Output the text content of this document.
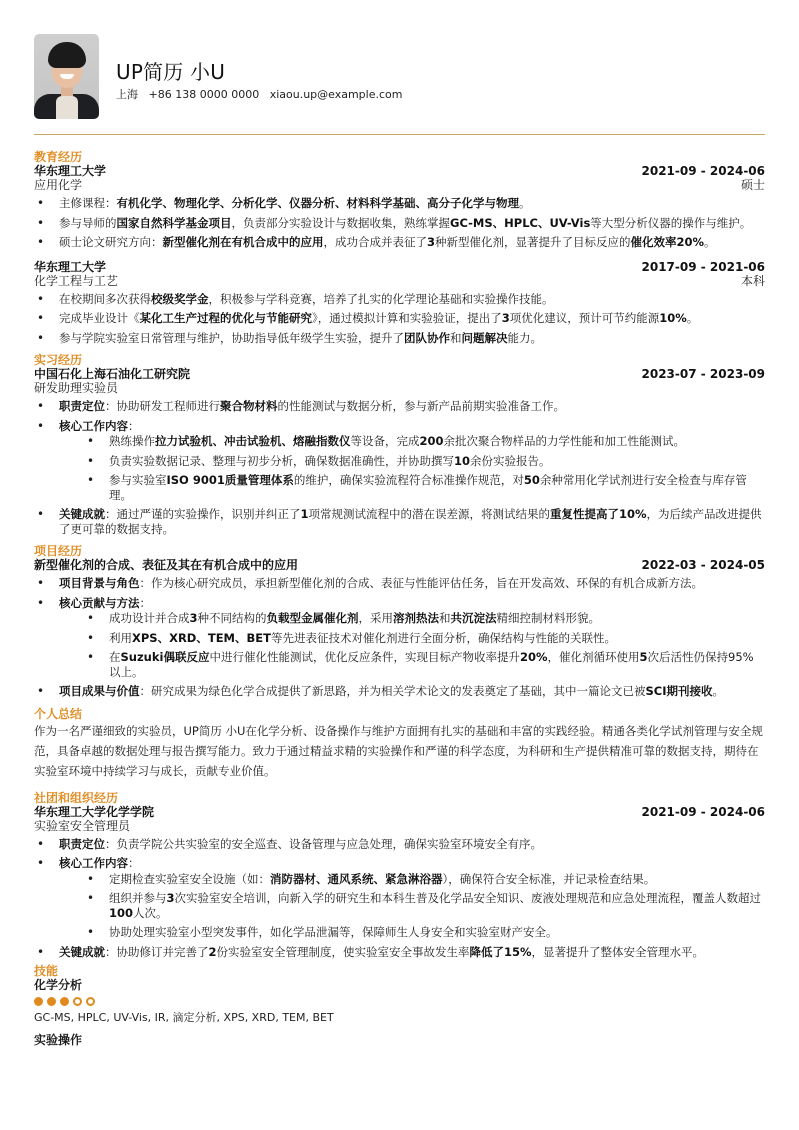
UP简历 小U
上海 +86 138 0000 0000 xiaou.up@example.com
教育经历
华东理工大学	2021-09 - 2024-06
应用化学	硕士
• 主修课程：有机化学、物理化学、分析化学、仪器分析、材料科学基础、高分子化学与物理。
• 参与导师的国家自然科学基金项目，负责部分实验设计与数据收集，熟练掌握GC-MS、HPLC、UV-Vis等大型分析仪器的操作与维护。
• 硕士论文研究方向：新型催化剂在有机合成中的应用，成功合成并表征了3种新型催化剂，显著提升了目标反应的催化效率20%。
华东理工大学	2017-09 - 2021-06
化学工程与工艺	本科
• 在校期间多次获得校级奖学金，积极参与学科竞赛，培养了扎实的化学理论基础和实验操作技能。
• 完成毕业设计《某化工生产过程的优化与节能研究》，通过模拟计算和实验验证，提出了3项优化建议，预计可节约能源10%。
• 参与学院实验室日常管理与维护，协助指导低年级学生实验，提升了团队协作和问题解决能力。
实习经历
中国石化上海石油化工研究院	2023-07 - 2023-09
研发助理实验员
• 职责定位：协助研发工程师进行聚合物材料的性能测试与数据分析，参与新产品前期实验准备工作。
• 核心工作内容：
• 熟练操作拉力试验机、冲击试验机、熔融指数仪等设备，完成200余批次聚合物样品的力学性能和加工性能测试。
• 负责实验数据记录、整理与初步分析，确保数据准确性，并协助撰写10余份实验报告。
• 参与实验室ISO 9001质量管理体系的维护，确保实验流程符合标准操作规范，对50余种常用化学试剂进行安全检查与库存管理。
• 关键成就：通过严谨的实验操作，识别并纠正了1项常规测试流程中的潜在误差源，将测试结果的重复性提高了10%，为后续产品改进提供了更可靠的数据支持。
项目经历
新型催化剂的合成、表征及其在有机合成中的应用	2022-03 - 2024-05
• 项目背景与角色：作为核心研究成员，承担新型催化剂的合成、表征与性能评估任务，旨在开发高效、环保的有机合成新方法。
• 核心贡献与方法：
• 成功设计并合成3种不同结构的负载型金属催化剂，采用溶剂热法和共沉淀法精细控制材料形貌。
• 利用XPS、XRD、TEM、BET等先进表征技术对催化剂进行全面分析，确保结构与性能的关联性。
• 在Suzuki偶联反应中进行催化性能测试，优化反应条件，实现目标产物收率提升20%，催化剂循环使用5次后活性仍保持95%以上。
• 项目成果与价值：研究成果为绿色化学合成提供了新思路，并为相关学术论文的发表奠定了基础，其中一篇论文已被SCI期刊接收。
个人总结
作为一名严谨细致的实验员，UP简历 小U在化学分析、设备操作与维护方面拥有扎实的基础和丰富的实践经验。精通各类化学试剂管理与安全规范，具备卓越的数据处理与报告撰写能力。致力于通过精益求精的实验操作和严谨的科学态度，为科研和生产提供精准可靠的数据支持，期待在实验室环境中持续学习与成长，贡献专业价值。
社团和组织经历
华东理工大学化学学院	2021-09 - 2024-06
实验室安全管理员
• 职责定位：负责学院公共实验室的安全巡查、设备管理与应急处理，确保实验室环境安全有序。
• 核心工作内容：
• 定期检查实验室安全设施（如：消防器材、通风系统、紧急淋浴器），确保符合安全标准，并记录检查结果。
• 组织并参与3次实验室安全培训，向新入学的研究生和本科生普及化学品安全知识、废液处理规范和应急处理流程，覆盖人数超过100人次。
• 协助处理实验室小型突发事件，如化学品泄漏等，保障师生人身安全和实验室财产安全。
• 关键成就：协助修订并完善了2份实验室安全管理制度，使实验室安全事故发生率降低了15%，显著提升了整体安全管理水平。
技能
化学分析
GC-MS, HPLC, UV-Vis, IR, 滴定分析, XPS, XRD, TEM, BET
实验操作
